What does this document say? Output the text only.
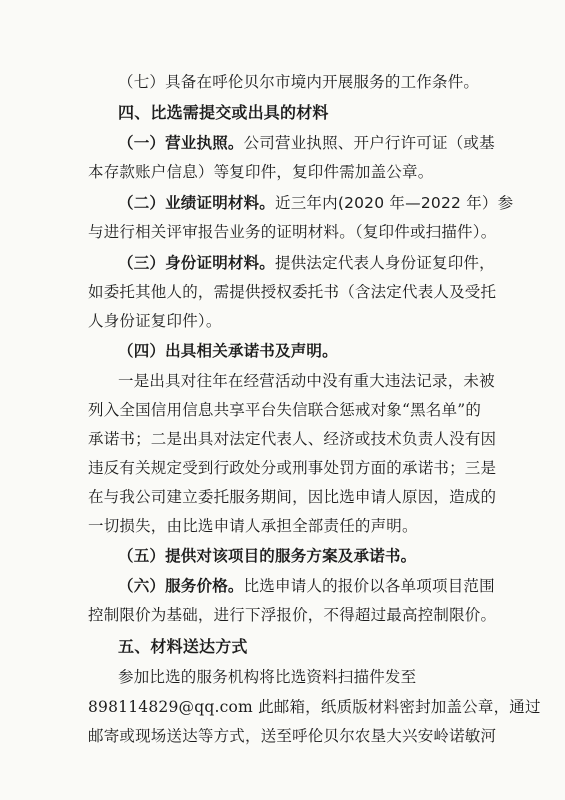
（七）具备在呼伦贝尔市境内开展服务的工作条件。
四、比选需提交或出具的材料
（一）营业执照。公司营业执照、开户行许可证（或基
本存款账户信息）等复印件，复印件需加盖公章。
（二）业绩证明材料。近三年内(2020 年—2022 年）参
与进行相关评审报告业务的证明材料。（复印件或扫描件）。
（三）身份证明材料。提供法定代表人身份证复印件，
如委托其他人的，需提供授权委托书（含法定代表人及受托
人身份证复印件）。
（四）出具相关承诺书及声明。
一是出具对往年在经营活动中没有重大违法记录，未被
列入全国信用信息共享平台失信联合惩戒对象“黑名单”的
承诺书；二是出具对法定代表人、经济或技术负责人没有因
违反有关规定受到行政处分或刑事处罚方面的承诺书；三是
在与我公司建立委托服务期间，因比选申请人原因，造成的
一切损失，由比选申请人承担全部责任的声明。
（五）提供对该项目的服务方案及承诺书。
（六）服务价格。比选申请人的报价以各单项项目范围
控制限价为基础，进行下浮报价，不得超过最高控制限价。
五、材料送达方式
参加比选的服务机构将比选资料扫描件发至
898114829@qq.com 此邮箱，纸质版材料密封加盖公章，通过
邮寄或现场送达等方式，送至呼伦贝尔农垦大兴安岭诺敏河
